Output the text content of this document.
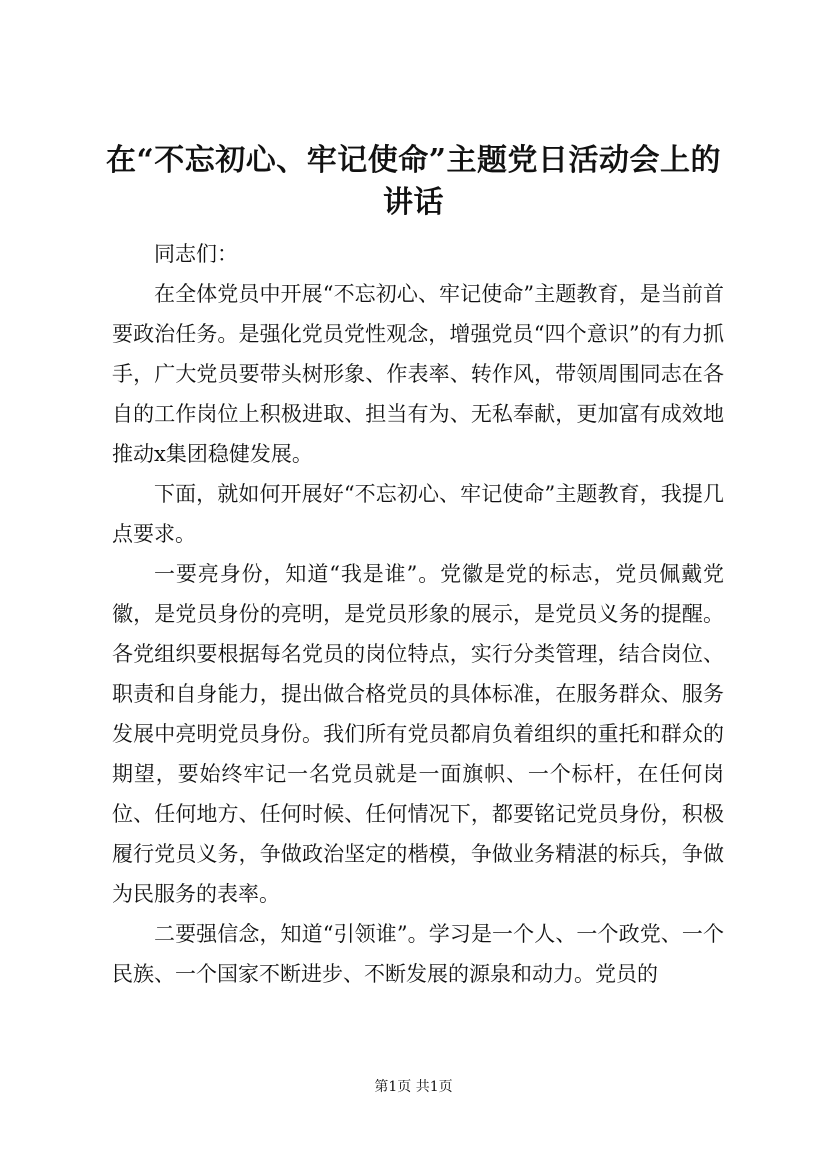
在“不忘初心、牢记使命”主题党日活动会上的讲话

同志们：

在全体党员中开展“不忘初心、牢记使命”主题教育，是当前首要政治任务。是强化党员党性观念，增强党员“四个意识”的有力抓手，广大党员要带头树形象、作表率、转作风，带领周围同志在各自的工作岗位上积极进取、担当有为、无私奉献，更加富有成效地推动x集团稳健发展。

下面，就如何开展好“不忘初心、牢记使命”主题教育，我提几点要求。

一要亮身份，知道“我是谁”。党徽是党的标志，党员佩戴党徽，是党员身份的亮明，是党员形象的展示，是党员义务的提醒。各党组织要根据每名党员的岗位特点，实行分类管理，结合岗位、职责和自身能力，提出做合格党员的具体标准，在服务群众、服务发展中亮明党员身份。我们所有党员都肩负着组织的重托和群众的期望，要始终牢记一名党员就是一面旗帜、一个标杆，在任何岗位、任何地方、任何时候、任何情况下，都要铭记党员身份，积极履行党员义务，争做政治坚定的楷模，争做业务精湛的标兵，争做为民服务的表率。

二要强信念，知道“引领谁”。学习是一个人、一个政党、一个民族、一个国家不断进步、不断发展的源泉和动力。党员的

第1页 共1页
